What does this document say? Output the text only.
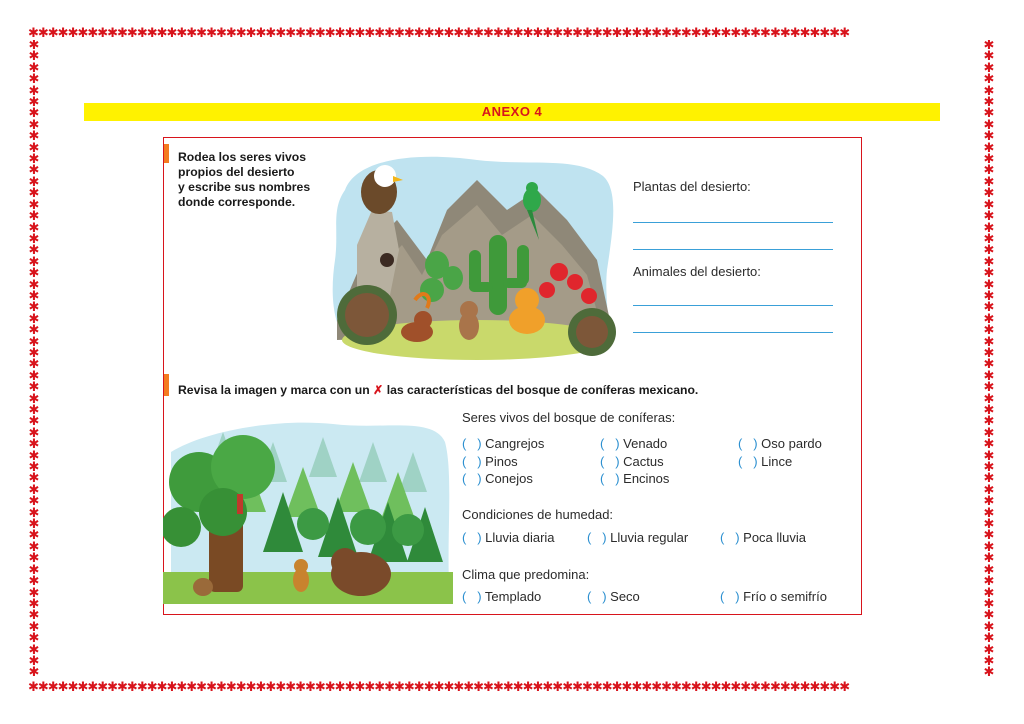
✱✱✱✱✱✱✱✱✱✱✱✱✱✱✱✱✱✱✱✱✱✱✱✱✱✱✱✱✱✱✱✱✱✱✱✱✱✱✱✱✱✱✱✱✱✱✱✱✱✱✱✱✱✱✱✱✱✱✱✱✱✱✱✱✱✱✱✱✱✱✱✱✱✱✱✱✱✱✱✱✱✱✱
✱✱✱✱✱✱✱✱✱✱✱✱✱✱✱✱✱✱✱✱✱✱✱✱✱✱✱✱✱✱✱✱✱✱✱✱✱✱✱✱✱✱✱✱✱✱✱✱✱✱✱✱✱✱✱✱✱✱✱✱✱✱✱✱✱✱✱✱✱✱✱✱✱✱✱✱✱✱✱✱✱✱✱
✱
✱
✱
✱
✱
✱
✱
✱
✱
✱
✱
✱
✱
✱
✱
✱
✱
✱
✱
✱
✱
✱
✱
✱
✱
✱
✱
✱
✱
✱
✱
✱
✱
✱
✱
✱
✱
✱
✱
✱
✱
✱
✱
✱
✱
✱
✱
✱
✱
✱
✱
✱
✱
✱
✱
✱
✱
✱
✱
✱
✱
✱
✱
✱
✱
✱
✱
✱
✱
✱
✱
✱
✱
✱
✱
✱
✱
✱
✱
✱
✱
✱
✱
✱
✱
✱
✱
✱
✱
✱
✱
✱
✱
✱
✱
✱
✱
✱
✱
✱
✱
✱
✱
✱
✱
✱
✱
✱
✱
✱
✱
✱
ANEXO 4
Rodea los seres vivos
propios del desierto
y escribe sus nombres
donde corresponde.
Plantas del desierto:
Animales del desierto:
Revisa la imagen y marca con un ✗ las características del bosque de coníferas mexicano.
Seres vivos del bosque de coníferas:
( ) Cangrejos	( ) Venado	( ) Oso pardo
( ) Pinos	( ) Cactus	( ) Lince
( ) Conejos	( ) Encinos
Condiciones de humedad:
( ) Lluvia diaria ( ) Lluvia regular ( ) Poca lluvia
Clima que predomina:
( ) Templado	( ) Seco	( ) Frío o semifrío
